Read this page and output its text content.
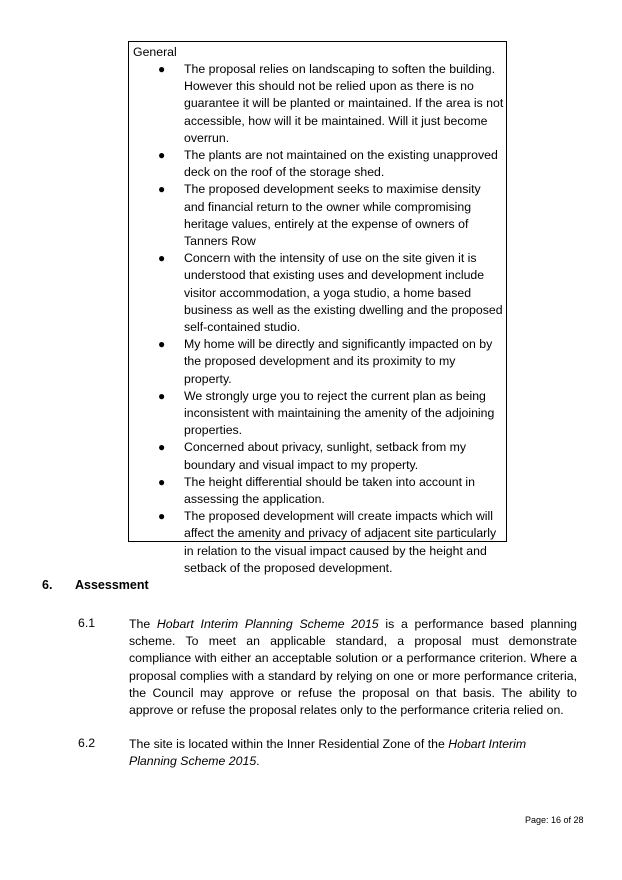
General
● The proposal relies on landscaping to soften the building. However this should not be relied upon as there is no guarantee it will be planted or maintained. If the area is not accessible, how will it be maintained. Will it just become overrun.
● The plants are not maintained on the existing unapproved deck on the roof of the storage shed.
● The proposed development seeks to maximise density and financial return to the owner while compromising heritage values, entirely at the expense of owners of Tanners Row
● Concern with the intensity of use on the site given it is understood that existing uses and development include visitor accommodation, a yoga studio, a home based business as well as the existing dwelling and the proposed self-contained studio.
● My home will be directly and significantly impacted on by the proposed development and its proximity to my property.
● We strongly urge you to reject the current plan as being inconsistent with maintaining the amenity of the adjoining properties.
● Concerned about privacy, sunlight, setback from my boundary and visual impact to my property.
● The height differential should be taken into account in assessing the application.
● The proposed development will create impacts which will affect the amenity and privacy of adjacent site particularly in relation to the visual impact caused by the height and setback of the proposed development.
6. Assessment
6.1	The Hobart Interim Planning Scheme 2015 is a performance based planning scheme. To meet an applicable standard, a proposal must demonstrate compliance with either an acceptable solution or a performance criterion. Where a proposal complies with a standard by relying on one or more performance criteria, the Council may approve or refuse the proposal on that basis. The ability to approve or refuse the proposal relates only to the performance criteria relied on.
6.2	The site is located within the Inner Residential Zone of the Hobart Interim Planning Scheme 2015.
Page: 16 of 28
